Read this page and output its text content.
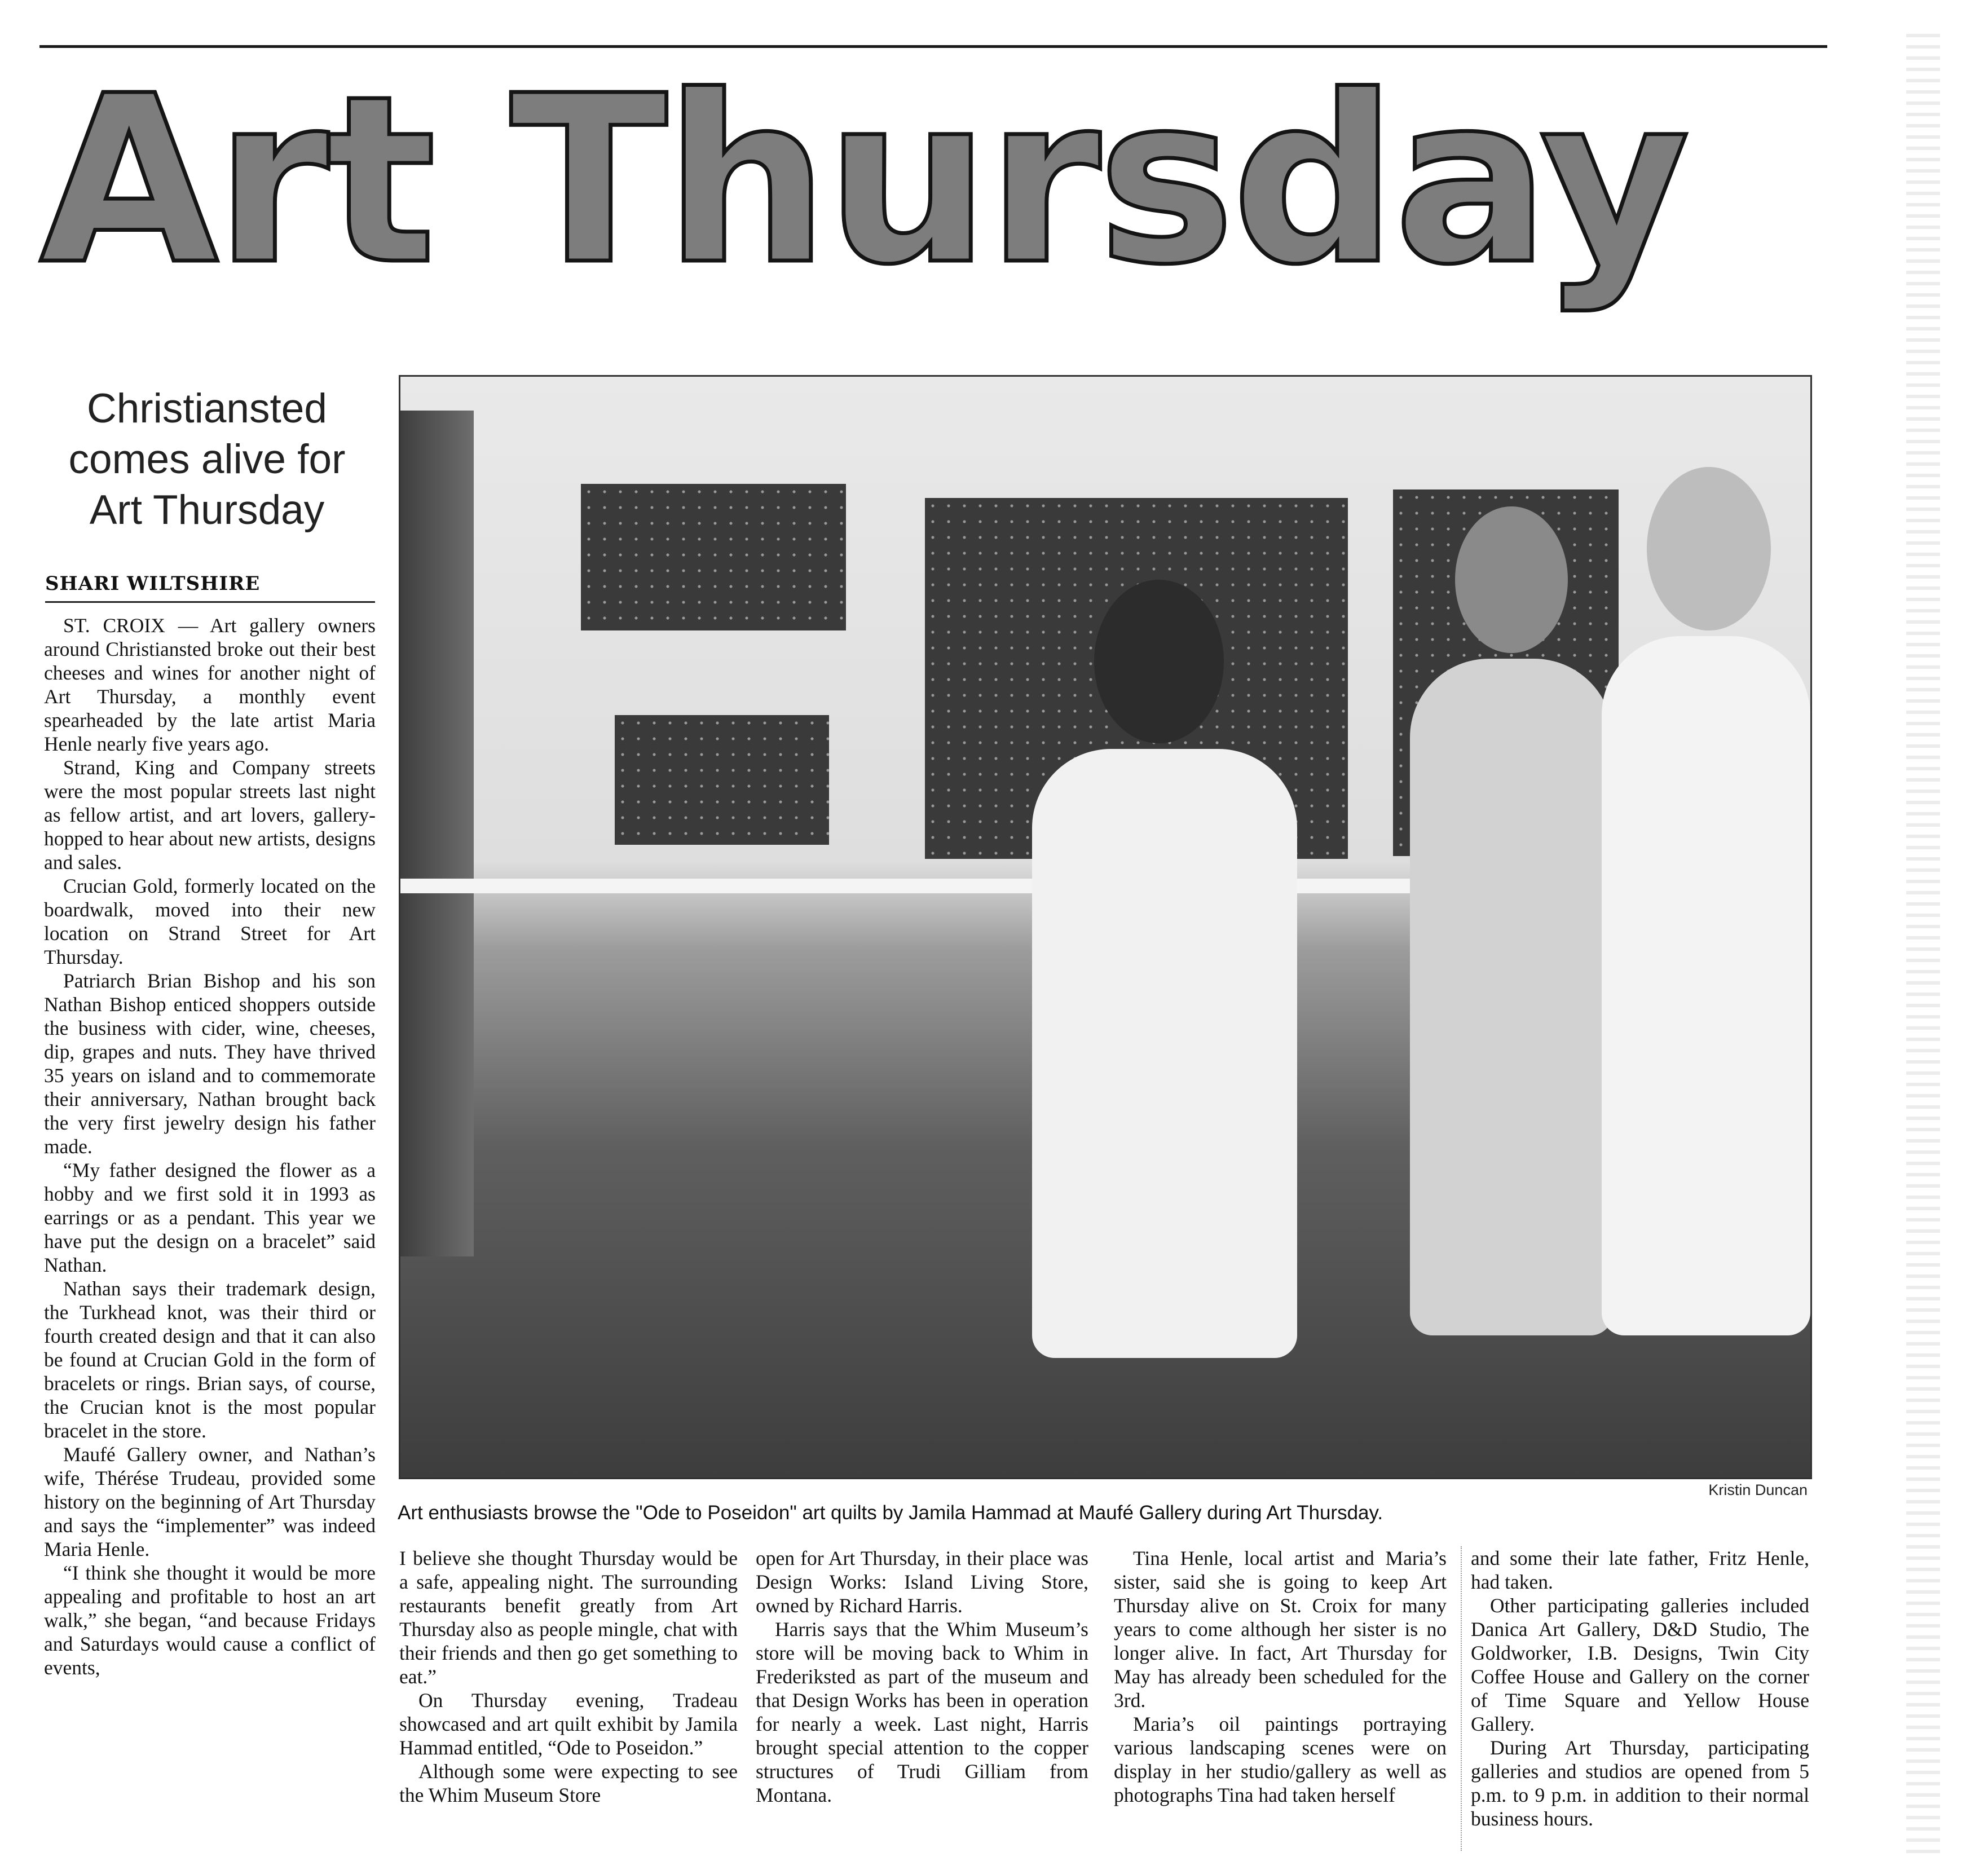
Art Thursday
Christiansted comes alive for Art Thursday
SHARI WILTSHIRE
Kristin Duncan
Art enthusiasts browse the "Ode to Poseidon" art quilts by Jamila Hammad at Maufé Gallery during Art Thursday.

ST. CROIX — Art gallery owners around Christiansted broke out their best cheeses and wines for another night of Art Thursday, a monthly event spearheaded by the late artist Maria Henle nearly five years ago.

Strand, King and Company streets were the most popular streets last night as fellow artist, and art lovers, gallery-hopped to hear about new artists, designs and sales.

Crucian Gold, formerly located on the boardwalk, moved into their new location on Strand Street for Art Thursday.

Patriarch Brian Bishop and his son Nathan Bishop enticed shoppers outside the business with cider, wine, cheeses, dip, grapes and nuts. They have thrived 35 years on island and to commemorate their anniversary, Nathan brought back the very first jewelry design his father made.

“My father designed the flower as a hobby and we first sold it in 1993 as earrings or as a pendant. This year we have put the design on a bracelet” said Nathan.

Nathan says their trademark design, the Turkhead knot, was their third or fourth created design and that it can also be found at Crucian Gold in the form of bracelets or rings. Brian says, of course, the Crucian knot is the most popular bracelet in the store.

Maufé Gallery owner, and Nathan’s wife, Thérése Trudeau, provided some history on the beginning of Art Thursday and says the “implementer” was indeed Maria Henle.

“I think she thought it would be more appealing and profitable to host an art walk,” she began, “and because Fridays and Saturdays would cause a conflict of events,

I believe she thought Thursday would be a safe, appealing night. The surrounding restaurants benefit greatly from Art Thursday also as people mingle, chat with their friends and then go get something to eat.”

On Thursday evening, Tradeau showcased and art quilt exhibit by Jamila Hammad entitled, “Ode to Poseidon.”

Although some were expecting to see the Whim Museum Store

open for Art Thursday, in their place was Design Works: Island Living Store, owned by Richard Harris.

Harris says that the Whim Museum’s store will be moving back to Whim in Frederiksted as part of the museum and that Design Works has been in operation for nearly a week. Last night, Harris brought special attention to the copper structures of Trudi Gilliam from Montana.

Tina Henle, local artist and Maria’s sister, said she is going to keep Art Thursday alive on St. Croix for many years to come although her sister is no longer alive. In fact, Art Thursday for May has already been scheduled for the 3rd.

Maria’s oil paintings portraying various landscaping scenes were on display in her studio/gallery as well as photographs Tina had taken herself

and some their late father, Fritz Henle, had taken.

Other participating galleries included Danica Art Gallery, D&D Studio, The Goldworker, I.B. Designs, Twin City Coffee House and Gallery on the corner of Time Square and Yellow House Gallery.

During Art Thursday, participating galleries and studios are opened from 5 p.m. to 9 p.m. in addition to their normal business hours.
